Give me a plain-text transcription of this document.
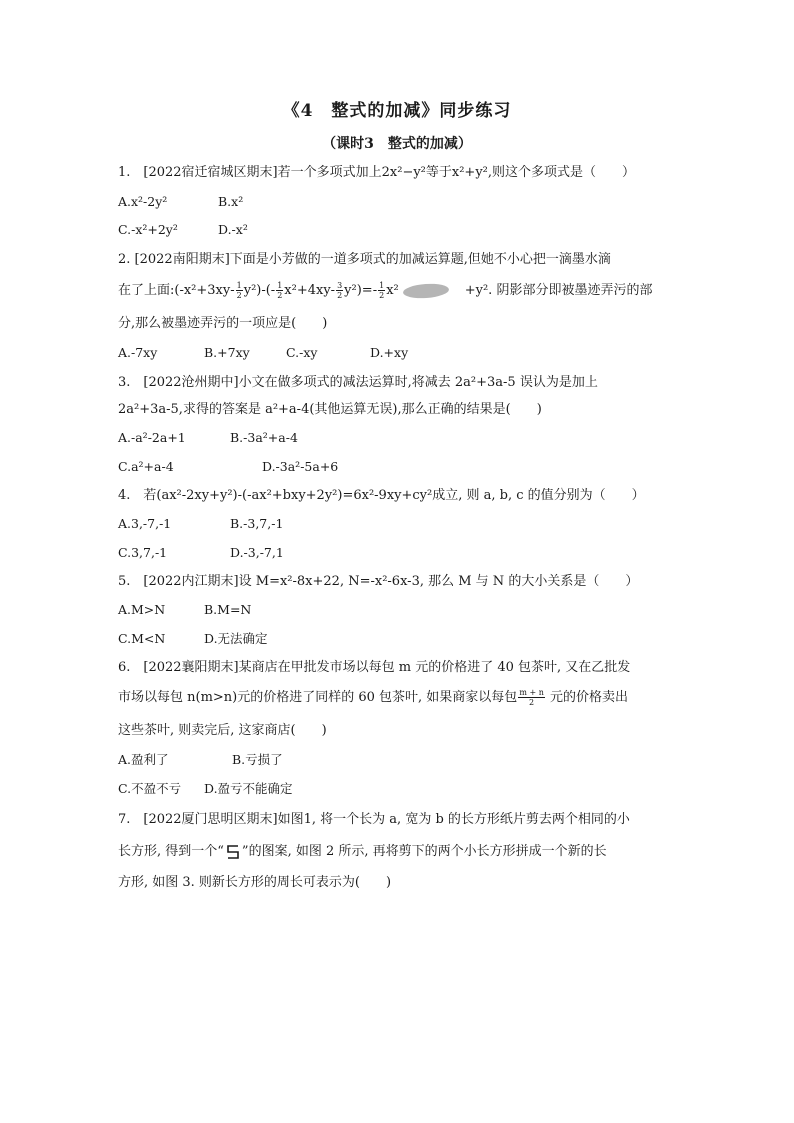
《4　整式的加减》同步练习
（课时3　整式的加减）
1.　[2022宿迁宿城区期末]若一个多项式加上2x²−y²等于x²+y²,则这个多项式是（　　）
A.x²-2y²	B.x²
C.-x²+2y²	D.-x²
2. [2022南阳期末]下面是小芳做的一道多项式的加减运算题,但她不小心把一滴墨水滴
在了上面:(-x²+3xy- $\frac{1}{2} y^2)-(- \frac{1}{2} x^2+4xy- \frac{3}{2} y^2)=- \frac{1}{2} x^2$	+y². 阴影部分即被墨迹弄污的部
分,那么被墨迹弄污的一项应是(　　)
A.-7xy	B.+7xy	C.-xy	D.+xy
3.　[2022沧州期中]小文在做多项式的减法运算时,将减去 2a²+3a-5 误认为是加上
2a²+3a-5,求得的答案是 a²+a-4(其他运算无误),那么正确的结果是(　　)
A.-a²-2a+1	B.-3a²+a-4
C.a²+a-4	D.-3a²-5a+6
4.　若(ax²-2xy+y²)-(-ax²+bxy+2y²)=6x²-9xy+cy²成立, 则 a, b, c 的值分别为（　　）
A.3,-7,-1	B.-3,7,-1
C.3,7,-1	D.-3,-7,1
5.　[2022内江期末]设 M=x²-8x+22, N=-x²-6x-3, 那么 M 与 N 的大小关系是（　　）
A.M>N	B.M=N
C.M<N	D.无法确定
6.　[2022襄阳期末]某商店在甲批发市场以每包 m 元的价格进了 40 包茶叶, 又在乙批发
市场以每包 n(m>n)元的价格进了同样的 60 包茶叶, 如果商家以每包 $\frac{m + n}{2}$ 元的价格卖出
这些茶叶, 则卖完后, 这家商店(　　)
A.盈利了	B.亏损了
C.不盈不亏 D.盈亏不能确定
7.　[2022厦门思明区期末]如图1, 将一个长为 a, 宽为 b 的长方形纸片剪去两个相同的小
长方形, 得到一个“ ”的图案, 如图 2 所示, 再将剪下的两个小长方形拼成一个新的长
方形, 如图 3. 则新长方形的周长可表示为(　　)
